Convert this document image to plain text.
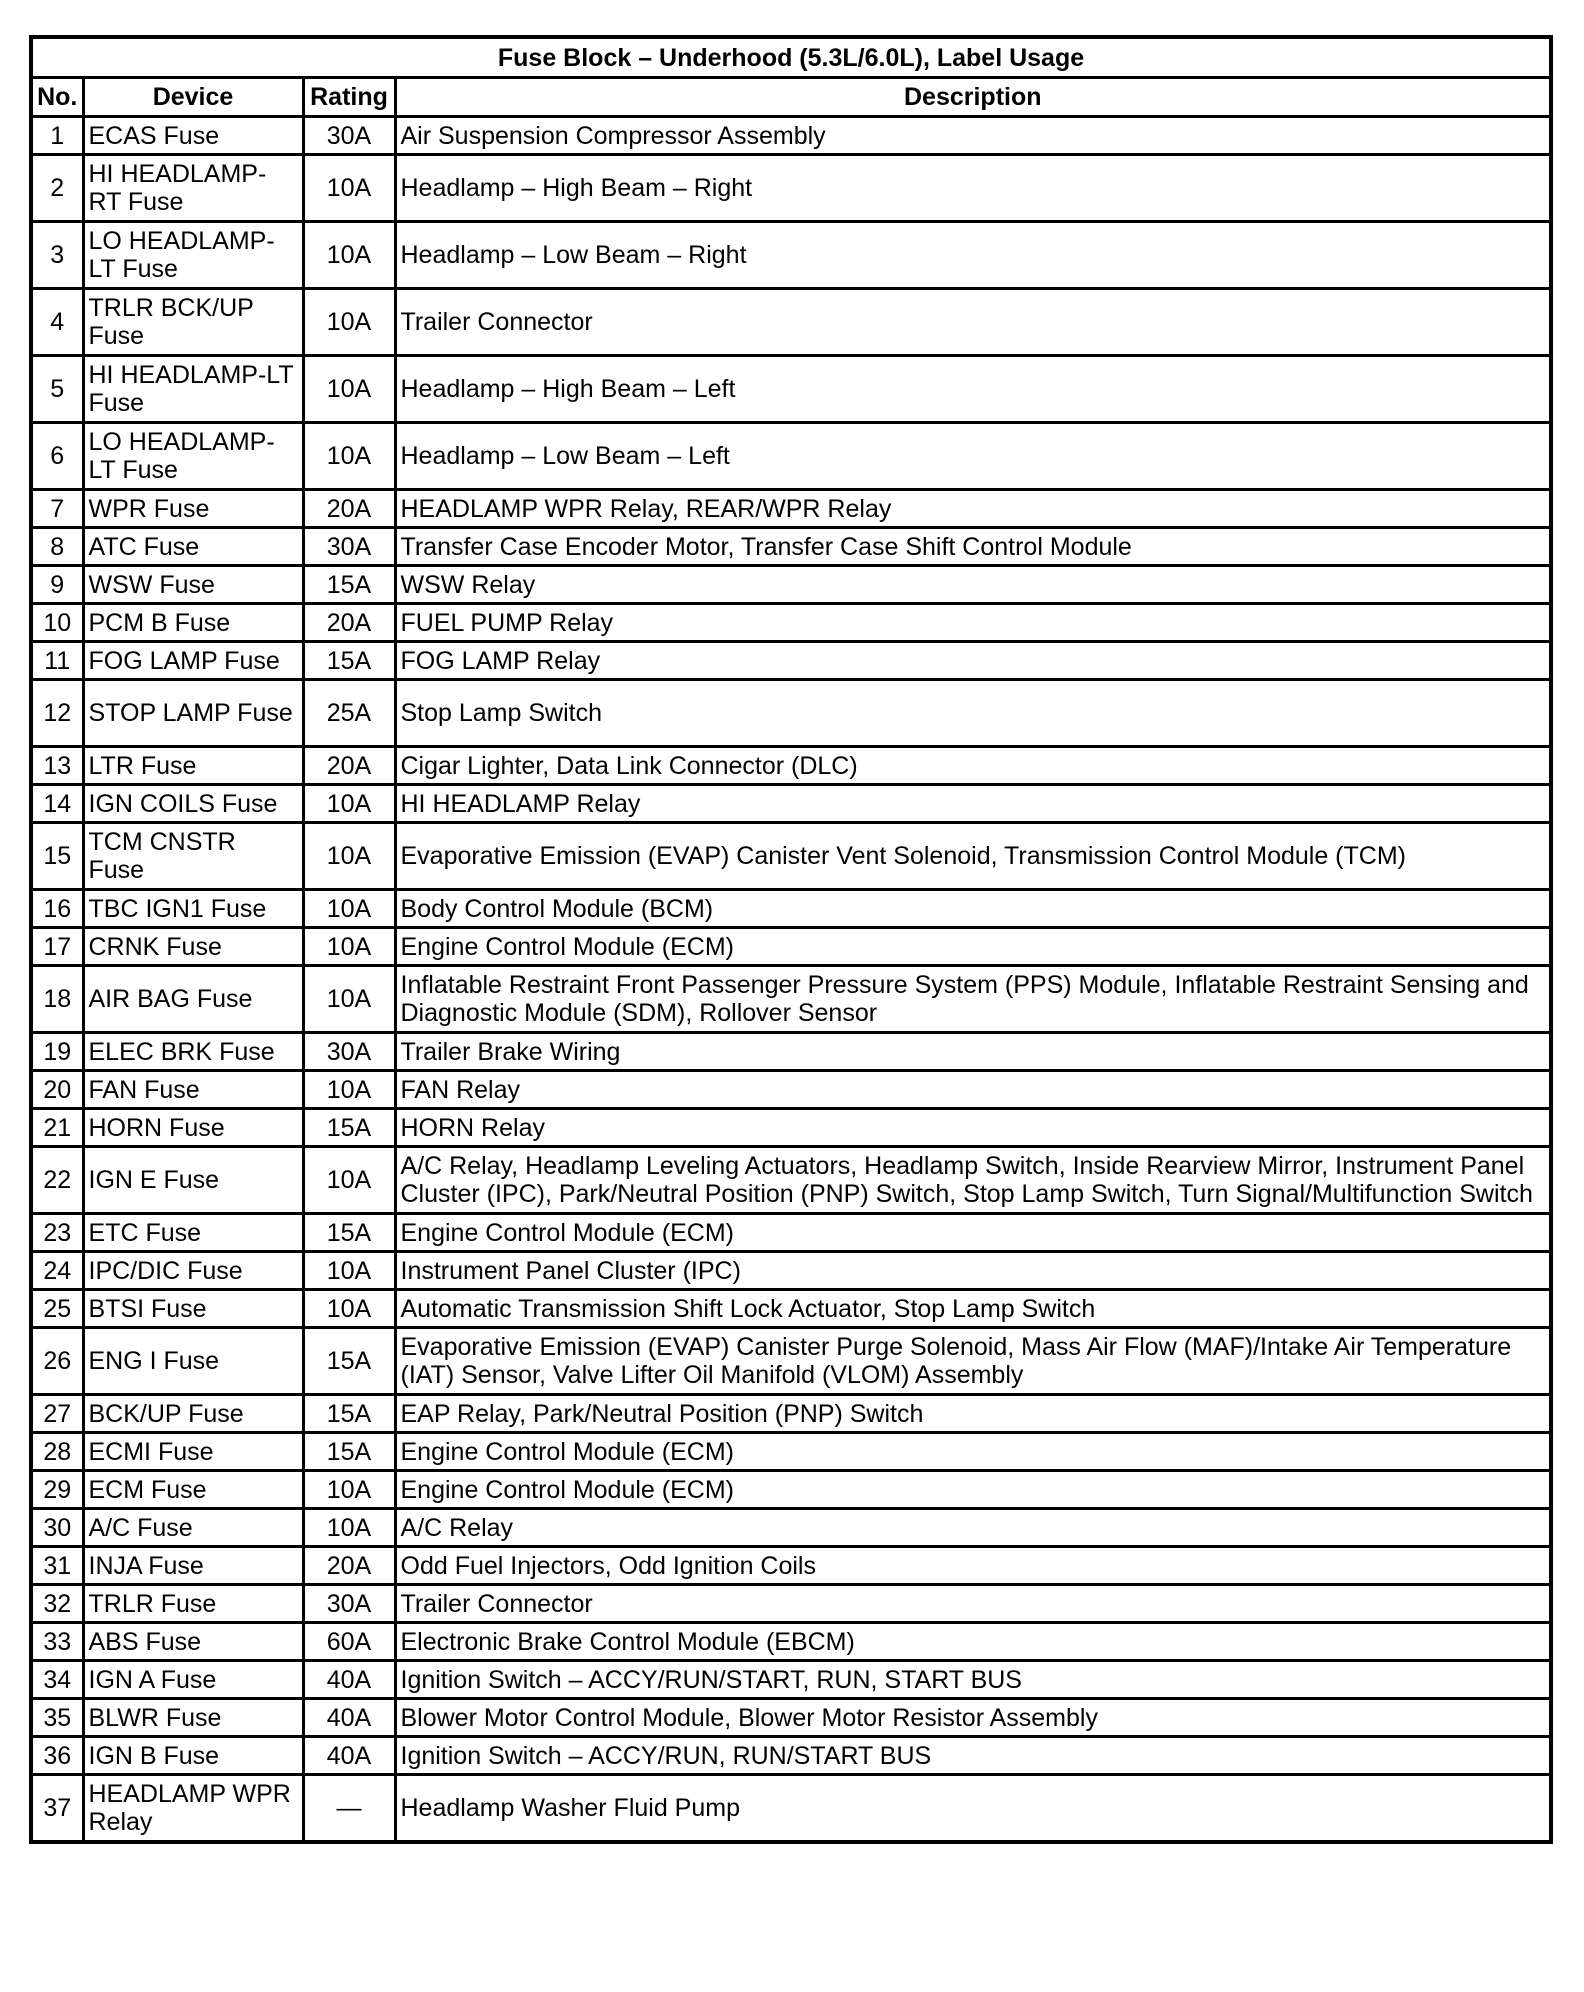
Fuse Block – Underhood (5.3L/6.0L), Label Usage			
No.	Device	Rating	Description
1	ECAS Fuse	30A	Air Suspension Compressor Assembly
2	HI HEADLAMP-RT Fuse	10A	Headlamp – High Beam – Right
3	LO HEADLAMP-LT Fuse	10A	Headlamp – Low Beam – Right
4	TRLR BCK/UP Fuse	10A	Trailer Connector
5	HI HEADLAMP-LT Fuse	10A	Headlamp – High Beam – Left
6	LO HEADLAMP-LT Fuse	10A	Headlamp – Low Beam – Left
7	WPR Fuse	20A	HEADLAMP WPR Relay, REAR/WPR Relay
8	ATC Fuse	30A	Transfer Case Encoder Motor, Transfer Case Shift Control Module
9	WSW Fuse	15A	WSW Relay
10	PCM B Fuse	20A	FUEL PUMP Relay
11	FOG LAMP Fuse	15A	FOG LAMP Relay
12	STOP LAMP Fuse	25A	Stop Lamp Switch
13	LTR Fuse	20A	Cigar Lighter, Data Link Connector (DLC)
14	IGN COILS Fuse	10A	HI HEADLAMP Relay
15	TCM CNSTR Fuse	10A	Evaporative Emission (EVAP) Canister Vent Solenoid, Transmission Control Module (TCM)
16	TBC IGN1 Fuse	10A	Body Control Module (BCM)
17	CRNK Fuse	10A	Engine Control Module (ECM)
18	AIR BAG Fuse	10A	Inflatable Restraint Front Passenger Pressure System (PPS) Module, Inflatable Restraint Sensing and Diagnostic Module (SDM), Rollover Sensor
19	ELEC BRK Fuse	30A	Trailer Brake Wiring
20	FAN Fuse	10A	FAN Relay
21	HORN Fuse	15A	HORN Relay
22	IGN E Fuse	10A	A/C Relay, Headlamp Leveling Actuators, Headlamp Switch, Inside Rearview Mirror, Instrument Panel Cluster (IPC), Park/Neutral Position (PNP) Switch, Stop Lamp Switch, Turn Signal/Multifunction Switch
23	ETC Fuse	15A	Engine Control Module (ECM)
24	IPC/DIC Fuse	10A	Instrument Panel Cluster (IPC)
25	BTSI Fuse	10A	Automatic Transmission Shift Lock Actuator, Stop Lamp Switch
26	ENG I Fuse	15A	Evaporative Emission (EVAP) Canister Purge Solenoid, Mass Air Flow (MAF)/Intake Air Temperature (IAT) Sensor, Valve Lifter Oil Manifold (VLOM) Assembly
27	BCK/UP Fuse	15A	EAP Relay, Park/Neutral Position (PNP) Switch
28	ECMI Fuse	15A	Engine Control Module (ECM)
29	ECM Fuse	10A	Engine Control Module (ECM)
30	A/C Fuse	10A	A/C Relay
31	INJA Fuse	20A	Odd Fuel Injectors, Odd Ignition Coils
32	TRLR Fuse	30A	Trailer Connector
33	ABS Fuse	60A	Electronic Brake Control Module (EBCM)
34	IGN A Fuse	40A	Ignition Switch – ACCY/RUN/START, RUN, START BUS
35	BLWR Fuse	40A	Blower Motor Control Module, Blower Motor Resistor Assembly
36	IGN B Fuse	40A	Ignition Switch – ACCY/RUN, RUN/START BUS
37	HEADLAMP WPR Relay	—	Headlamp Washer Fluid Pump
